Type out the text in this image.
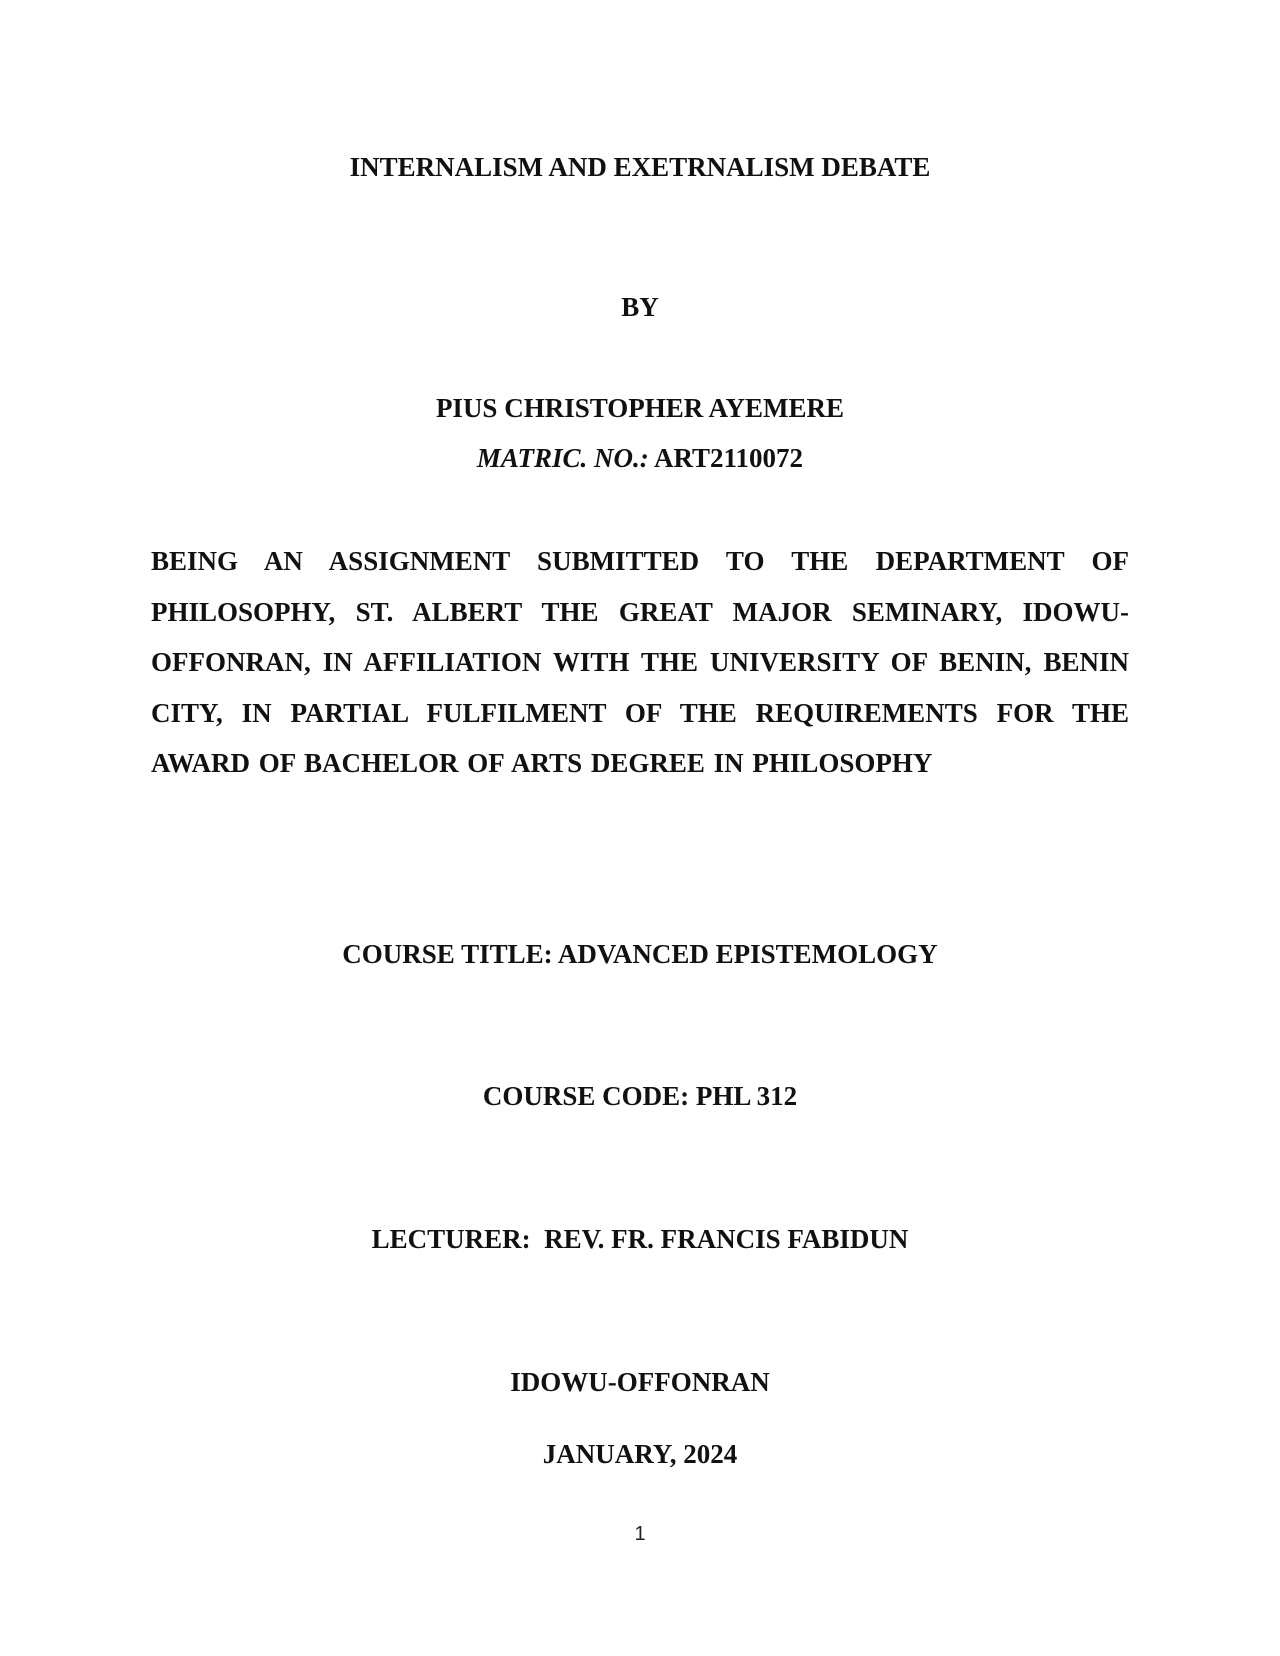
INTERNALISM AND EXETRNALISM DEBATE
BY
PIUS CHRISTOPHER AYEMERE
MATRIC. NO.: ART2110072
BEING AN ASSIGNMENT SUBMITTED TO THE DEPARTMENT OF PHILOSOPHY, ST. ALBERT THE GREAT MAJOR SEMINARY, IDOWU-OFFONRAN, IN AFFILIATION WITH THE UNIVERSITY OF BENIN, BENIN CITY, IN PARTIAL FULFILMENT OF THE REQUIREMENTS FOR THE AWARD OF BACHELOR OF ARTS DEGREE IN PHILOSOPHY
COURSE TITLE: ADVANCED EPISTEMOLOGY
COURSE CODE: PHL 312
LECTURER:  REV. FR. FRANCIS FABIDUN
IDOWU-OFFONRAN
JANUARY, 2024
1
